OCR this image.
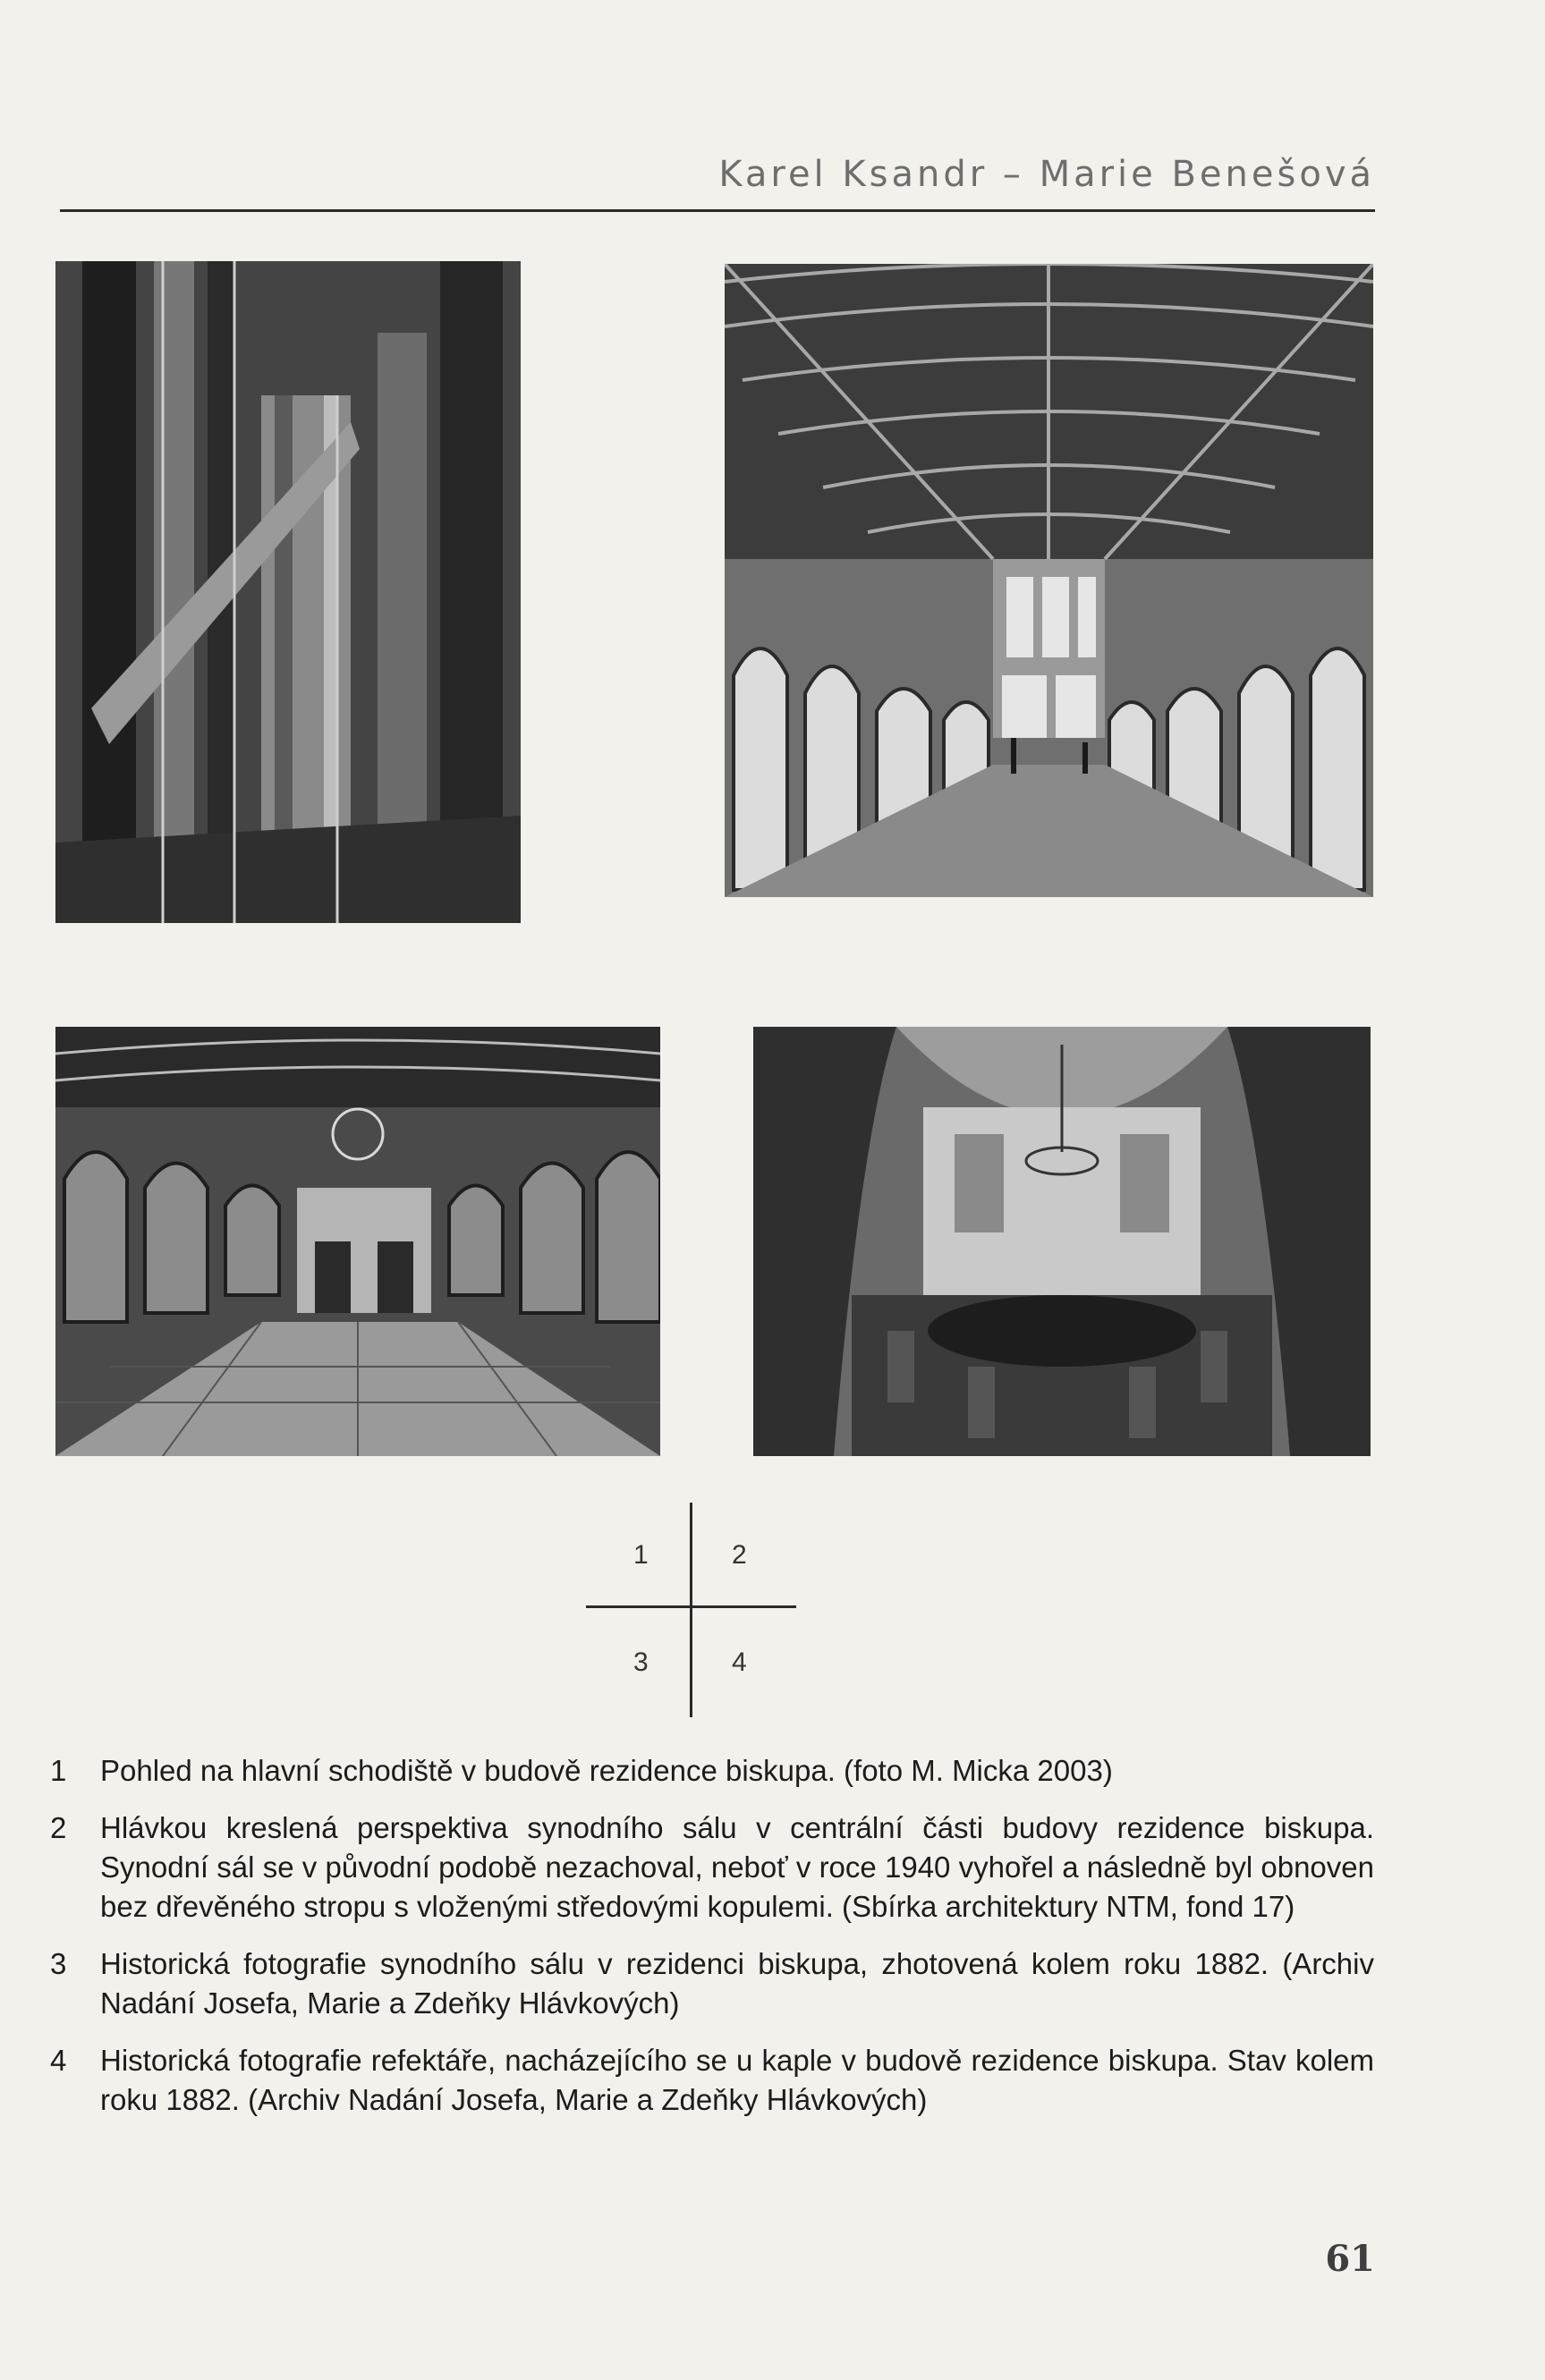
Karel Ksandr – Marie Benešová
1	2
3	4
1	Pohled na hlavní schodiště v budově rezidence biskupa. (foto M. Micka 2003)
2	Hlávkou kreslená perspektiva synodního sálu v centrální části budovy rezidence biskupa. Synodní sál se v původní podobě nezachoval, neboť v roce 1940 vyhořel a následně byl obnoven bez dřevěného stropu s vloženými středovými kopulemi. (Sbírka architektury NTM, fond 17)
3	Historická fotografie synodního sálu v rezidenci biskupa, zhotovená kolem roku 1882. (Archiv Nadání Josefa, Marie a Zdeňky Hlávkových)
4	Historická fotografie refektáře, nacházejícího se u kaple v budově rezidence biskupa. Stav kolem roku 1882. (Archiv Nadání Josefa, Marie a Zdeňky Hlávkových)
61
